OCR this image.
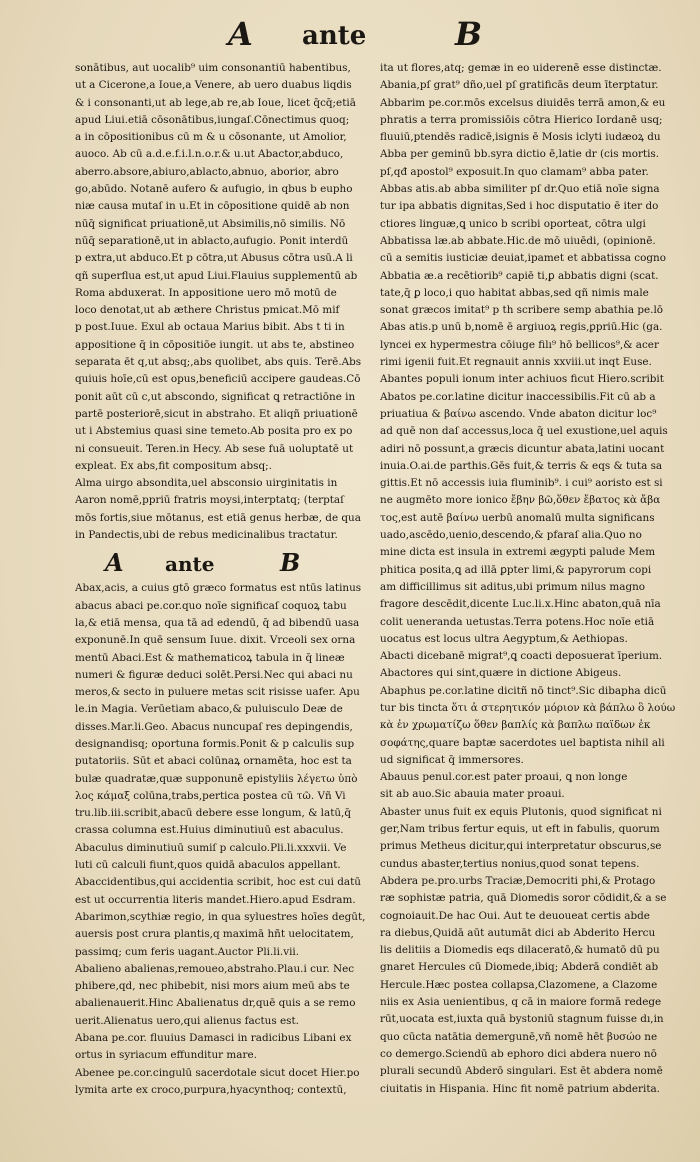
A ante	B
sonātibus, aut uocalib⁹ uim consonantiū habentibus,
ut a Cicerone,a Ioue,a Venere, ab uero duabus liqdis
& i consonanti,ut ab lege,ab re,ab Ioue, licet q̄cq̄;etiā
apud Liui.etiā cōsonātibus,iungaſ.Cōnectimus quoq;
a in cōpositionibus cū m & u cōsonante, ut Amolior,
auoco. Ab cū a.d.e.f.i.l.n.o.r.& u.ut Abactor,abduco,
aberro.absore,abiuro,ablacto,abnuo, aborior, abro
go,abūdo. Notanē aufero & aufugio, in qbus b eupho
niæ causa mutaſ in u.Et in cōpositione quidē ab non
nūq̄ significat priuationē,ut Absimilis,nō similis. Nō
nūq̄ separationē,ut in ablacto,aufugio. Ponit interdū
p extra,ut abduco.Et p cōtra,ut Abusus cōtra usū.A li
qñ superflua est,ut apud Liui.Flauius supplementū ab
Roma abduxerat. In appositione uero mō motū de
loco denotat,ut ab æthere Christus pmicat.Mō mif
p post.Iuue. Exul ab octaua Marius bibit. Abs t ti in
appositione q̄ in cōpositiōe iungit. ut abs te, abstineo
separata ēt q,ut absq;,abs quolibet, abs quis. Terē.Abs
quiuis hoīe,cū est opus,beneficiū accipere gaudeas.Cō
ponit aūt cū c,ut abscondo, significat ꝗ retractiōne in
partē posteriorē,sicut in abstraho. Et aliqñ priuationē
ut i Abstemius quasi sine temeto.Ab posita pro ex po
ni consueuit. Teren.in Hecy. Ab sese fuā uoluptatē ut
expleat. Ex abs,fit compositum absq;.
Alma uirgo absondita,uel absconsio uirginitatis in
Aaron nomē,ppriū fratris moysi,interptatq; (terptaſ
mōs fortis,siue mōtanus, est etiā genus herbæ, de qua
in Pandectis,ubi de rebus medicinalibus tractatur.
A ante	B
Abax,acis, a cuius gtō græco formatus est ntūs latinus
abacus abaci pe.cor.quo noīe significaſ coquoꝝ tabu
la,& etiā mensa, qua tā ad edendū, q̄ ad bibendū uasa
exponunē.In quē sensum Iuue. dixit. Vrceoli sex orna
mentū Abaci.Est & mathematicoꝝ tabula in q̄ lineæ
numeri & figuræ deduci solēt.Persi.Nec qui abaci nu
meros,& secto in puluere metas scit risisse uafer. Apu
le.in Magia. Verūetiam abaco,& puluisculo Deæ de
disses.Mar.li.Geo. Abacus nuncupaſ res depingendis,
designandisq; oportuna formis.Ponit & p calculis sup
putatoriis. Sūt et abaci colūnaꝝ ornamēta, hoc est ta
bulæ quadratæ,quæ supponunē epistyliis λέγετω ὑπὸ
λος κάμαξ colūna,trabs,pertica postea cū τῶ. Vñ Vi
tru.lib.iii.scribit,abacū debere esse longum, & latū,q̄
crassa columna est.Huius diminutiuū est abaculus.
Abaculus diminutiuū sumiſ p calculo.Pli.li.xxxvii. Ve
luti cū calculi fiunt,quos quidā abaculos appellant.
Abaccidentibus,qui accidentia scribit, hoc est cui datū
est ut occurrentia literis mandet.Hiero.apud Esdram.
Abarimon,scythiæ regio, in qua syluestres hoīes degūt,
auersis post crura plantis,q maximā hñt uelocitatem,
passimq; cum feris uagant.Auctor Pli.li.vii.
Abalieno abalienas,remoueo,abstraho.Plau.i cur. Nec
phibere,qd, nec phibebit, nisi mors aium meū abs te
abalienauerit.Hinc Abalienatus dr,quē quis a se remo
uerit.Alienatus uero,qui alienus factus est.
Abana pe.cor. fluuius Damasci in radicibus Libani ex
ortus in syriacum effunditur mare.
Abenee pe.cor.cingulū sacerdotale sicut docet Hier.po
lymita arte ex croco,purpura,hyacynthoq; contextū,
ita ut flores,atq; gemæ in eo uiderenē esse distinctæ.
Abania,pſ grat⁹ dño,uel pſ gratificās deum īterptatur.
Abbarim pe.cor.mōs excelsus diuidēs terrā amon,& eu
phratis a terra promissiōis cōtra Hierico Iordanē usq;
fluuiū,ptendēs radicē,isignis ē Mosis iclyti iudæoꝝ du
Abba per geminū bb.syra dictio ē,latie dr (cis mortis.
pſ,qđ apostol⁹ exposuit.In quo clamam⁹ abba pater.
Abbas atis.ab abba similiter pſ dr.Quo etiā noīe signa
tur ipa abbatis dignitas,Sed i hoc disputatio ē iter do
ctiores linguæ,ꝗ unico b scribi oporteat, cōtra ulgi
Abbatissa læ.ab abbate.Hic.de mō uiuēdi, (opinionē.
cū a semitis iusticiæ deuiat,ipamet et abbatissa cogno
Abbatia æ.a recētiorib⁹ capiē ti,ꝑ abbatis digni (scat.
tate,q̄ ꝑ loco,i quo habitat abbas,sed qñ nimis male
sonat græcos imitat⁹ p th scribere semp abathia pe.lō
Abas atis.p unū b,nomē ē argiuoꝝ regis,ꝑpriū.Hic (ga.
lyncei ex hypermestra cōiuge filı⁹ hō bellicos⁹,& acer
rimi igenii fuit.Et regnauit annis xxviii.ut inqt Euse.
Abantes populi ionum inter achiuos ficut Hiero.scribit
Abatos pe.cor.latine dicitur inaccessibilis.Fit cū ab a
priuatiua & βαίνω ascendo. Vnde abaton dicitur loc⁹
ad quē non daſ accessus,loca q̄ uel exustione,uel aquis
adiri nō possunt,a græcis dicuntur abata,latini uocant
inuia.O.ai.de parthis.Gēs fuit,& terris & eqs & tuta sa
gittis.Et nō accessis iuia fluminib⁹. i cui⁹ aoristo est si
ne augmēto more ionico ἔβην βῶ,ὅθεν ἔβατος κὰ ἄβα
τος,est autē βαίνω uerbū anomalū multa significans
uado,ascēdo,uenio,descendo,& pfaraſ alia.Quo no
mine dicta est insula in extremi ægypti palude Mem
phitica posita,ꝗ ad illā ꝑpter limi,& papyrorum copi
am difficillimus sit aditus,ubi primum nilus magno
fragore descēdit,dicente Luc.li.x.Hinc abaton,quā nīa
colit ueneranda uetustas.Terra potens.Hoc noīe etiā
uocatus est locus ultra Aegyptum,& Aethiopas.
Abacti dicebanē migrat⁹,ꝗ coacti deposuerat īperium.
Abactores qui sint,quære in dictione Abigeus.
Abaphus pe.cor.latine dicitñ nō tinct⁹.Sic dibapha dicū
tur bis tincta ὅτι ἀ στερητικόν μόριον κὰ βάπλω ὃ λούω
κὰ ἐν χρωματίζω ὅθεν βαπλίς κὰ βαπλω παϊδων ἐκ
σοφάτης,quare baptæ sacerdotes uel baptista nihil ali
ud significat q̄ immersores.
Abauus penul.cor.est pater proaui, ꝗ non longe
sit ab auo.Sic abauia mater proaui.
Abaster unus fuit ex equis Plutonis, quod significat ni
ger,Nam tribus fertur equis, ut eft in fabulis, quorum
primus Metheus dicitur,qui interpretatur obscurus,se
cundus abaster,tertius nonius,quod sonat tepens.
Abdera pe.pro.urbs Traciæ,Democriti phi,& Protago
ræ sophistæ patria, quā Diomedis soror cōdidit,& a se
cognoiauit.De hac Oui. Aut te deuoueat certis abde
ra diebus,Quidā aūt autumāt dici ab Abderito Hercu
lis delitiis a Diomedis eqs dilaceratō,& humatō dū pu
gnaret Hercules cū Diomede,ibiq; Abderā condiēt ab
Hercule.Hæc postea collapsa,Clazomene, a Clazome
niis ex Asia uenientibus, q cā in maiore formā redege
rūt,uocata est,iuxta quā bystoniū stagnum fuisse dı,in
quo cūcta natātia demergunē,vñ nomē hēt βυσώο ne
co demergo.Sciendū ab ephoro dici abdera nuero nō
plurali secundū Abderō singulari. Est ēt abdera nomē
ciuitatis in Hispania. Hinc fit nomē patrium abderita.
